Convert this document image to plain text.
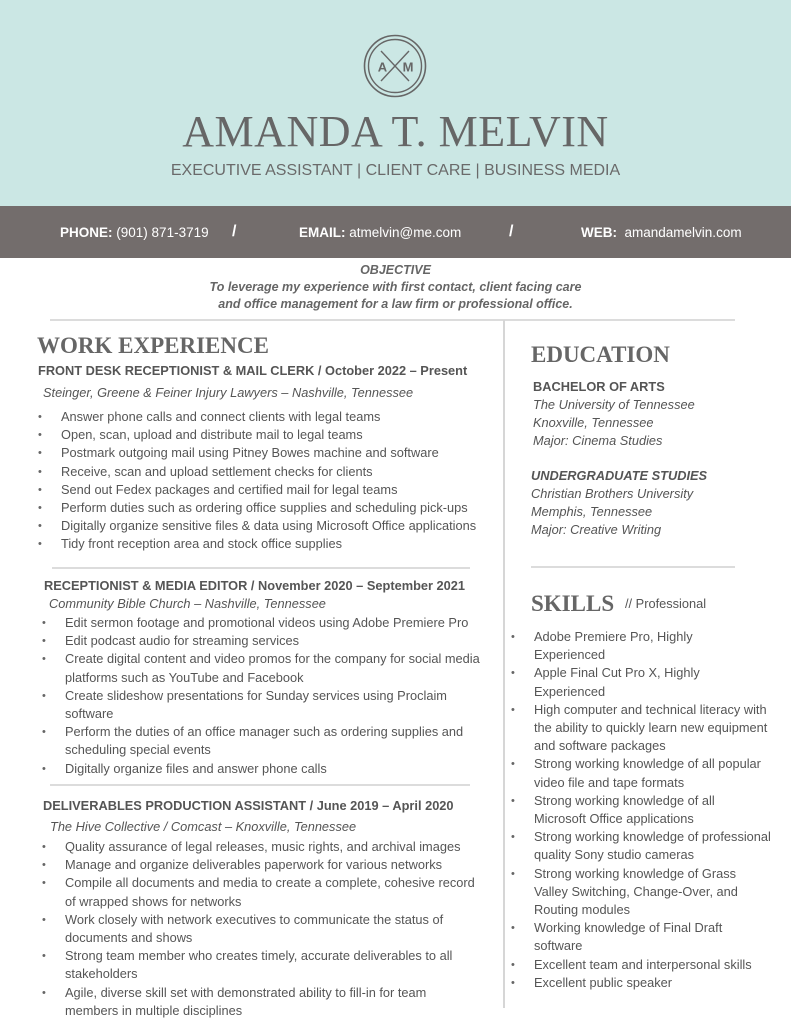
A M
AMANDA T. MELVIN
EXECUTIVE ASSISTANT | CLIENT CARE | BUSINESS MEDIA
PHONE: (901) 871-3719 /	EMAIL: atmelvin@me.com	/	WEB: amandamelvin.com
OBJECTIVE
To leverage my experience with first contact, client facing care
and office management for a law firm or professional office.
WORK EXPERIENCE
FRONT DESK RECEPTIONIST & MAIL CLERK / October 2022 – Present
Steinger, Greene & Feiner Injury Lawyers – Nashville, Tennessee
• Answer phone calls and connect clients with legal teams
• Open, scan, upload and distribute mail to legal teams
• Postmark outgoing mail using Pitney Bowes machine and software
• Receive, scan and upload settlement checks for clients
• Send out Fedex packages and certified mail for legal teams
• Perform duties such as ordering office supplies and scheduling pick-ups
• Digitally organize sensitive files & data using Microsoft Office applications
• Tidy front reception area and stock office supplies
RECEPTIONIST & MEDIA EDITOR / November 2020 – September 2021
Community Bible Church – Nashville, Tennessee
• Edit sermon footage and promotional videos using Adobe Premiere Pro
• Edit podcast audio for streaming services
• Create digital content and video promos for the company for social media platforms such as YouTube and Facebook
• Create slideshow presentations for Sunday services using Proclaim software
• Perform the duties of an office manager such as ordering supplies and scheduling special events
• Digitally organize files and answer phone calls
DELIVERABLES PRODUCTION ASSISTANT / June 2019 – April 2020
The Hive Collective / Comcast – Knoxville, Tennessee
• Quality assurance of legal releases, music rights, and archival images
• Manage and organize deliverables paperwork for various networks
• Compile all documents and media to create a complete, cohesive record of wrapped shows for networks
• Work closely with network executives to communicate the status of documents and shows
• Strong team member who creates timely, accurate deliverables to all stakeholders
• Agile, diverse skill set with demonstrated ability to fill-in for team members in multiple disciplines
EDUCATION
BACHELOR OF ARTS
The University of Tennessee
Knoxville, Tennessee
Major: Cinema Studies
UNDERGRADUATE STUDIES
Christian Brothers University
Memphis, Tennessee
Major: Creative Writing
SKILLS // Professional
• Adobe Premiere Pro, Highly Experienced
• Apple Final Cut Pro X, Highly Experienced
• High computer and technical literacy with the ability to quickly learn new equipment and software packages
• Strong working knowledge of all popular video file and tape formats
• Strong working knowledge of all Microsoft Office applications
• Strong working knowledge of professional quality Sony studio cameras
• Strong working knowledge of Grass Valley Switching, Change-Over, and Routing modules
• Working knowledge of Final Draft software
• Excellent team and interpersonal skills
• Excellent public speaker
